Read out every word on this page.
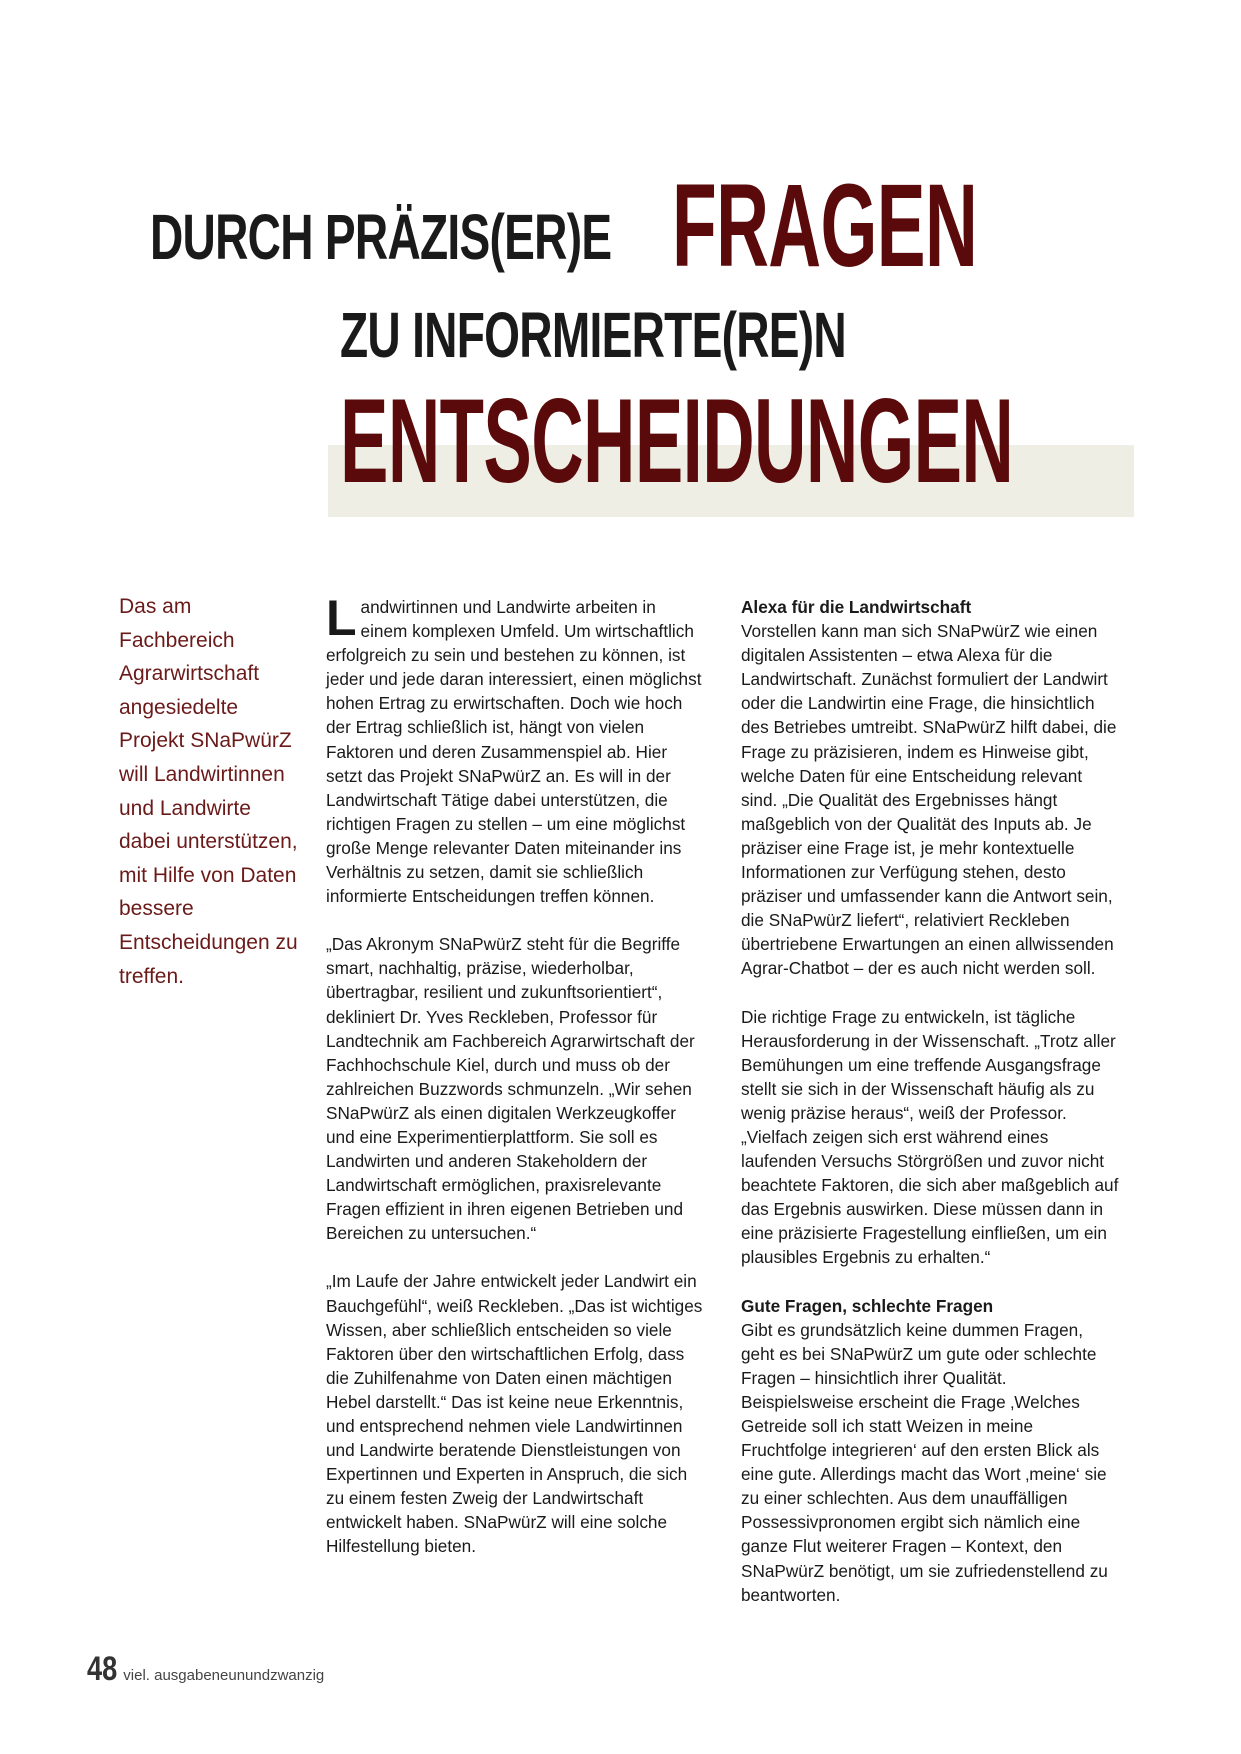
DURCH PRÄZIS(ER)E FRAGEN
ZU INFORMIERTE(RE)N
ENTSCHEIDUNGEN
Das am Fachbereich Agrarwirtschaft angesiedelte Projekt SNaPwürZ will Landwirtinnen und Landwirte dabei unterstützen, mit Hilfe von Daten bessere Entscheidungen zu treffen.

Landwirtinnen und Landwirte arbeiten in einem komplexen Umfeld. Um wirtschaftlich erfolgreich zu sein und bestehen zu können, ist jeder und jede daran interessiert, einen möglichst hohen Ertrag zu erwirtschaften. Doch wie hoch der Ertrag schließlich ist, hängt von vielen Faktoren und deren Zusammenspiel ab. Hier setzt das Projekt SNaPwürZ an. Es will in der Landwirtschaft Tätige dabei unterstützen, die richtigen Fragen zu stellen – um eine möglichst große Menge relevanter Daten miteinander ins Verhältnis zu setzen, damit sie schließlich informierte Entscheidungen treffen können.

„Das Akronym SNaPwürZ steht für die Begriffe smart, nachhaltig, präzise, wiederholbar, übertragbar, resilient und zukunftsorientiert“, dekliniert Dr. Yves Reckleben, Professor für Landtechnik am Fachbereich Agrarwirtschaft der Fachhochschule Kiel, durch und muss ob der zahlreichen Buzzwords schmunzeln. „Wir sehen SNaPwürZ als einen digitalen Werkzeugkoffer und eine Experimentierplattform. Sie soll es Landwirten und anderen Stakeholdern der Landwirtschaft ermöglichen, praxisrelevante Fragen effizient in ihren eigenen Betrieben und Bereichen zu untersuchen.“

„Im Laufe der Jahre entwickelt jeder Landwirt ein Bauchgefühl“, weiß Reckleben. „Das ist wichtiges Wissen, aber schließlich entscheiden so viele Faktoren über den wirtschaftlichen Erfolg, dass die Zuhilfenahme von Daten einen mächtigen Hebel darstellt.“ Das ist keine neue Erkenntnis, und entsprechend nehmen viele Landwirtinnen und Landwirte beratende Dienstleistungen von Expertinnen und Experten in Anspruch, die sich zu einem festen Zweig der Landwirtschaft entwickelt haben. SNaPwürZ will eine solche Hilfestellung bieten.

Alexa für die Landwirtschaft

Vorstellen kann man sich SNaPwürZ wie einen digitalen Assistenten – etwa Alexa für die Landwirtschaft. Zunächst formuliert der Landwirt oder die Landwirtin eine Frage, die hinsichtlich des Betriebes umtreibt. SNaPwürZ hilft dabei, die Frage zu präzisieren, indem es Hinweise gibt, welche Daten für eine Entscheidung relevant sind. „Die Qualität des Ergebnisses hängt maßgeblich von der Qualität des Inputs ab. Je präziser eine Frage ist, je mehr kontextuelle Informationen zur Verfügung stehen, desto präziser und umfassender kann die Antwort sein, die SNaPwürZ liefert“, relativiert Reckleben übertriebene Erwartungen an einen allwissenden Agrar-Chatbot – der es auch nicht werden soll.

Die richtige Frage zu entwickeln, ist tägliche Herausforderung in der Wissenschaft. „Trotz aller Bemühungen um eine treffende Ausgangsfrage stellt sie sich in der Wissenschaft häufig als zu wenig präzise heraus“, weiß der Professor. „Vielfach zeigen sich erst während eines laufenden Versuchs Störgrößen und zuvor nicht beachtete Faktoren, die sich aber maßgeblich auf das Ergebnis auswirken. Diese müssen dann in eine präzisierte Fragestellung einfließen, um ein plausibles Ergebnis zu erhalten.“

Gute Fragen, schlechte Fragen

Gibt es grundsätzlich keine dummen Fragen, geht es bei SNaPwürZ um gute oder schlechte Fragen – hinsichtlich ihrer Qualität. Beispielsweise erscheint die Frage ‚Welches Getreide soll ich statt Weizen in meine Fruchtfolge integrieren‘ auf den ersten Blick als eine gute. Allerdings macht das Wort ‚meine‘ sie zu einer schlechten. Aus dem unauffälligen Possessivpronomen ergibt sich nämlich eine ganze Flut weiterer Fragen – Kontext, den SNaPwürZ benötigt, um sie zufriedenstellend zu beantworten.

48 viel. ausgabeneunundzwanzig
